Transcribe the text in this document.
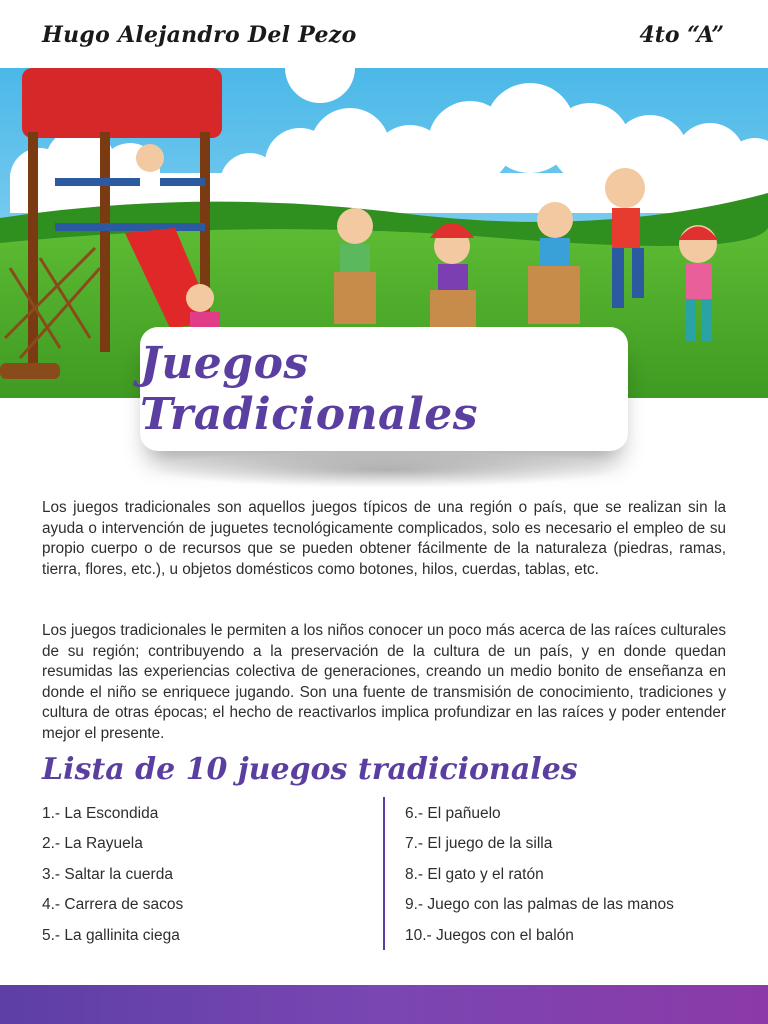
Hugo Alejandro Del Pezo	4to “A”
Juegos Tradicionales
Los juegos tradicionales son aquellos juegos típicos de una región o país, que se realizan sin la ayuda o intervención de juguetes tecnológicamente complicados, solo es necesario el empleo de su propio cuerpo o de recursos que se pueden obtener fácilmente de la naturaleza (piedras, ramas, tierra, flores, etc.), u objetos domésticos como botones, hilos, cuerdas, tablas, etc.
Los juegos tradicionales le permiten a los niños conocer un poco más acerca de las raíces culturales de su región; contribuyendo a la preservación de la cultura de un país, y en donde quedan resumidas las experiencias colectiva de generaciones, creando un medio bonito de enseñanza en donde el niño se enriquece jugando. Son una fuente de transmisión de conocimiento, tradiciones y cultura de otras épocas; el hecho de reactivarlos implica profundizar en las raíces y poder entender mejor el presente.
Lista de 10 juegos tradicionales
1.- La Escondida
2.- La Rayuela
3.- Saltar la cuerda
4.- Carrera de sacos
5.- La gallinita ciega
6.- El pañuelo
7.- El juego de la silla
8.- El gato y el ratón
9.- Juego con las palmas de las manos
10.- Juegos con el balón
